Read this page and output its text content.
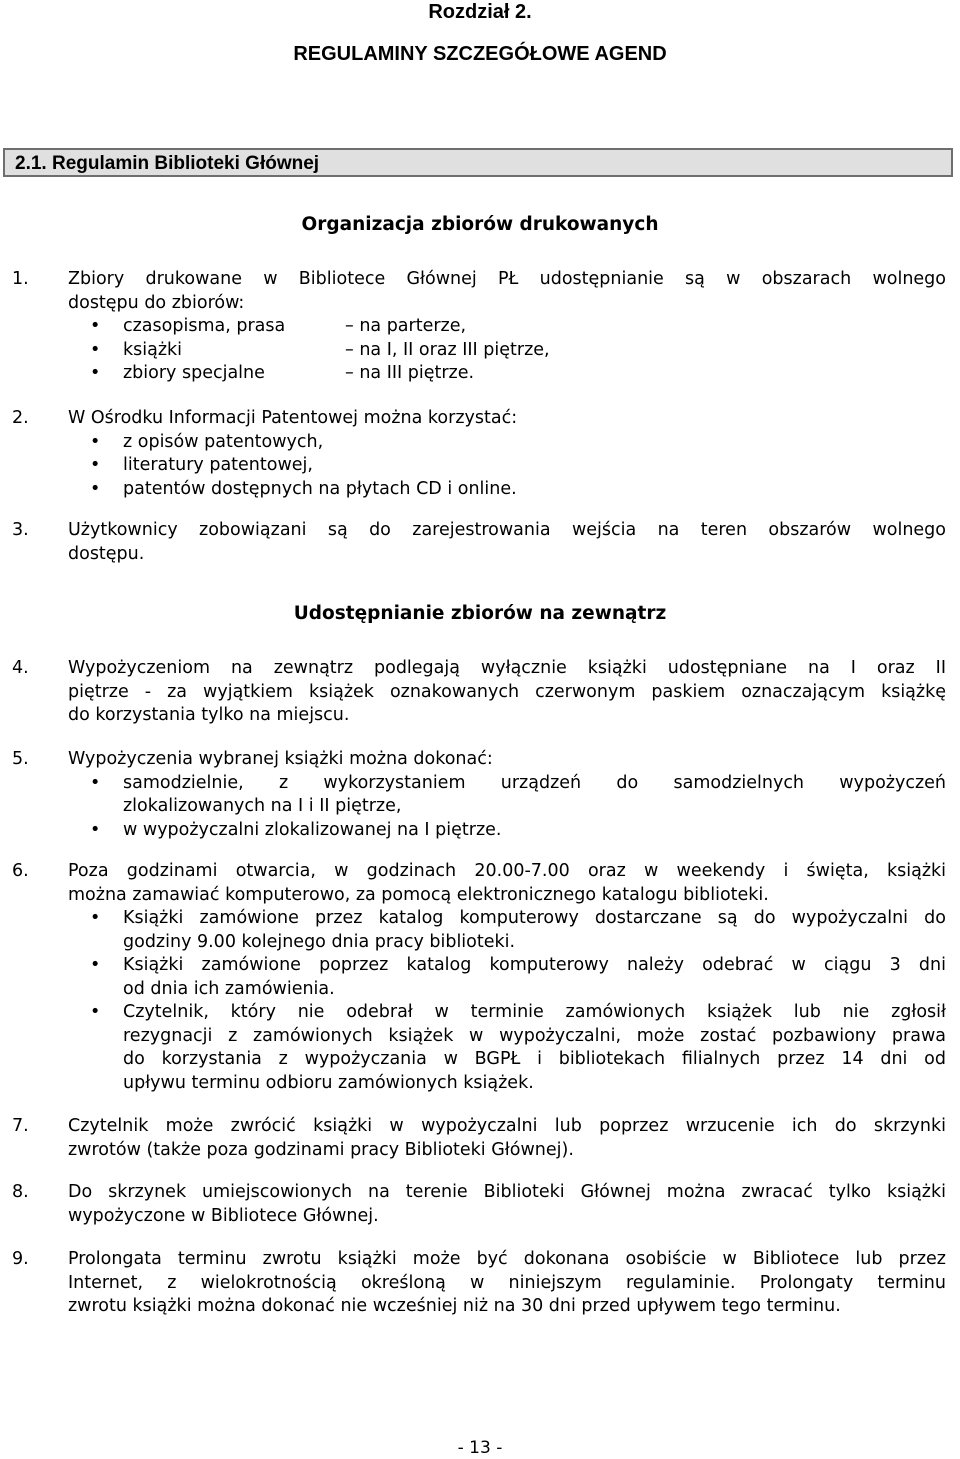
Rozdział 2.
REGULAMINY SZCZEGÓŁOWE AGEND
2.1. Regulamin Biblioteki Głównej
Organizacja zbiorów drukowanych
1. Zbiory drukowane w Bibliotece Głównej PŁ udostępnianie są w obszarach wolnego
dostępu do zbiorów:
• czasopisma, prasa	– na parterze,
• książki	– na I, II oraz III piętrze,
• zbiory specjalne	– na III piętrze.
2. W Ośrodku Informacji Patentowej można korzystać:
• z opisów patentowych,
• literatury patentowej,
• patentów dostępnych na płytach CD i online.
3. Użytkownicy zobowiązani są do zarejestrowania wejścia na teren obszarów wolnego
dostępu.
Udostępnianie zbiorów na zewnątrz
4. Wypożyczeniom na zewnątrz podlegają wyłącznie książki udostępniane na I oraz II
piętrze - za wyjątkiem książek oznakowanych czerwonym paskiem oznaczającym książkę
do korzystania tylko na miejscu.
5. Wypożyczenia wybranej książki można dokonać:
• samodzielnie, z wykorzystaniem urządzeń do samodzielnych wypożyczeń
zlokalizowanych na I i II piętrze,
• w wypożyczalni zlokalizowanej na I piętrze.
6. Poza godzinami otwarcia, w godzinach 20.00-7.00 oraz w weekendy i święta, książki
można zamawiać komputerowo, za pomocą elektronicznego katalogu biblioteki.
• Książki zamówione przez katalog komputerowy dostarczane są do wypożyczalni do
godziny 9.00 kolejnego dnia pracy biblioteki.
• Książki zamówione poprzez katalog komputerowy należy odebrać w ciągu 3 dni
od dnia ich zamówienia.
• Czytelnik, który nie odebrał w terminie zamówionych książek lub nie zgłosił
rezygnacji z zamówionych książek w wypożyczalni, może zostać pozbawiony prawa
do korzystania z wypożyczania w BGPŁ i bibliotekach filialnych przez 14 dni od
upływu terminu odbioru zamówionych książek.
7. Czytelnik może zwrócić książki w wypożyczalni lub poprzez wrzucenie ich do skrzynki
zwrotów (także poza godzinami pracy Biblioteki Głównej).
8. Do skrzynek umiejscowionych na terenie Biblioteki Głównej można zwracać tylko książki
wypożyczone w Bibliotece Głównej.
9. Prolongata terminu zwrotu książki może być dokonana osobiście w Bibliotece lub przez
Internet, z wielokrotnością określoną w niniejszym regulaminie. Prolongaty terminu
zwrotu książki można dokonać nie wcześniej niż na 30 dni przed upływem tego terminu.
- 13 -
